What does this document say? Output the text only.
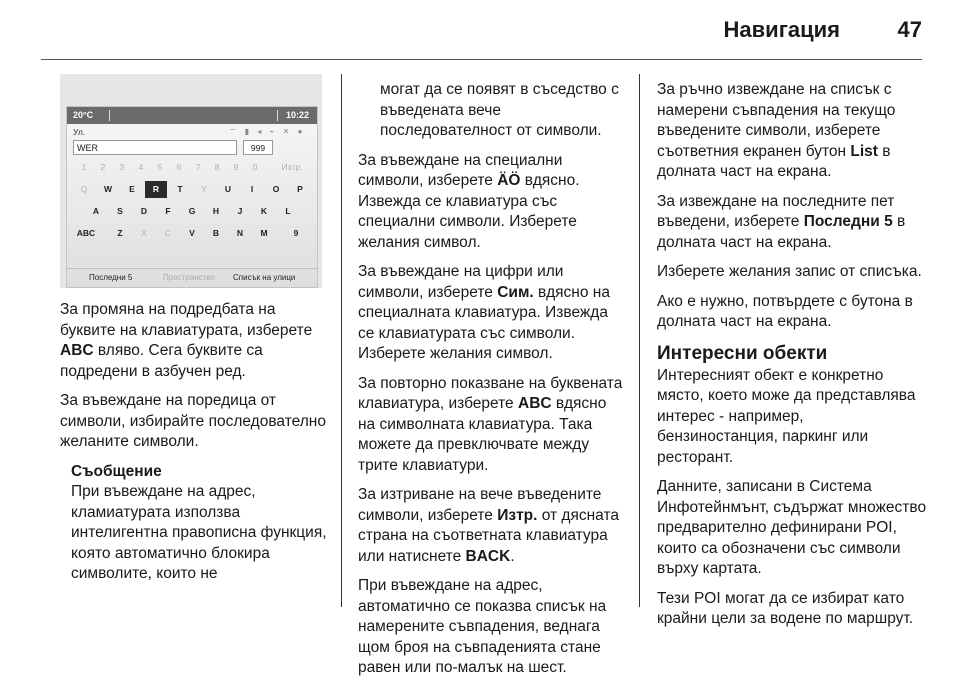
Навигация	47
20°C	10:22
Ул.	⌔ ▮ ◂ ⌁ ✕ ●
WER	999
1	2	3	4	5	6	7	8	9	0	Изтр.
Q	W	E	R	T	Y	U	I	O	P
A	S	D	F	G	H	J	K	L
ABC	Z	X	C	V	B	N	M	9
Последни 5	Пространство Списък на улици

За промяна на подредбата на буквите на клавиатурата, изберете ABC вляво. Сега буквите са подредени в азбучен ред.

За въвеждане на поредица от символи, избирайте последователно желаните символи.

Съобщение
При въвеждане на адрес, кламиатурата използва интелигентна правописна функция, която автоматично блокира символите, които не

могат да се появят в съседство с въведената вече последователност от символи.

За въвеждане на специални символи, изберете ÄÖ вдясно. Извежда се клавиатура със специални символи. Изберете желания символ.

За въвеждане на цифри или символи, изберете Сим. вдясно на специалната клавиатура. Извежда се клавиатурата със символи. Изберете желания символ.

За повторно показване на буквената клавиатура, изберете ABC вдясно на символната клавиатура. Така можете да превключвате между трите клавиатури.

За изтриване на вече въведените символи, изберете Изтр. от дясната страна на съответната клавиатура или натиснете BACK.

При въвеждане на адрес, автоматично се показва списък на намерените съвпадения, веднага щом броя на съвпаденията стане равен или по-малък на шест.

За ръчно извеждане на списък с намерени съвпадения на текущо въведените символи, изберете съответния екранен бутон List в долната част на екрана.

За извеждане на последните пет въведени, изберете Последни 5 в долната част на екрана.

Изберете желания запис от списъка.

Ако е нужно, потвърдете с бутона в долната част на екрана.

Интересни обекти

Интересният обект е конкретно място, което може да представлява интерес - например, бензиностанция, паркинг или ресторант.

Данните, записани в Система Инфотейнмънт, съдържат множество предварително дефинирани POI, които са обозначени със символи върху картата.

Тези POI могат да се избират като крайни цели за водене по маршрут.
